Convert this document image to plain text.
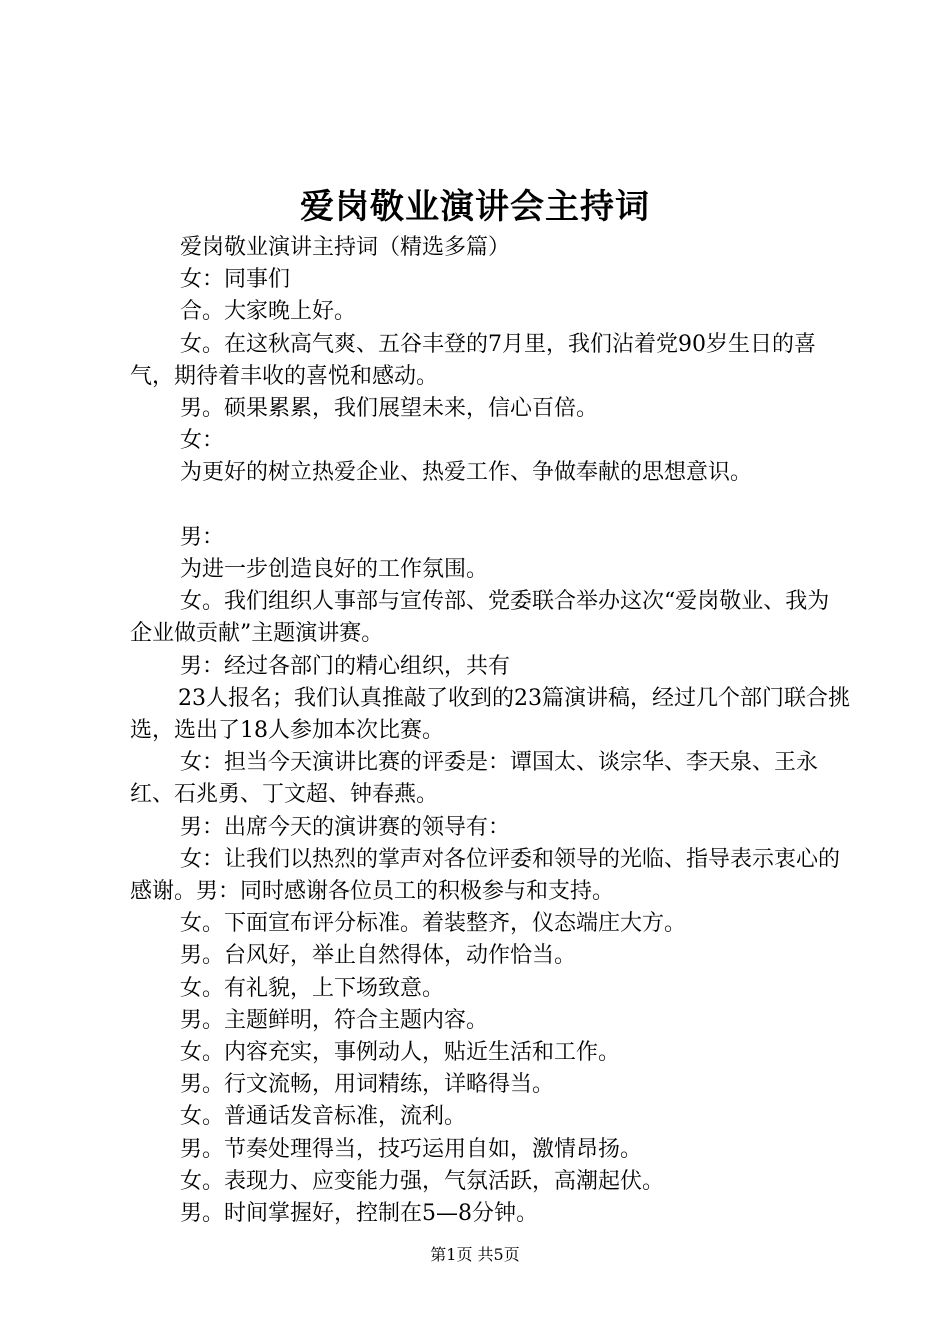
爱岗敬业演讲会主持词

爱岗敬业演讲主持词（精选多篇）

女：同事们

合。大家晚上好。

女。在这秋高气爽、五谷丰登的7月里，我们沾着党90岁生日的喜气，期待着丰收的喜悦和感动。

男。硕果累累，我们展望未来，信心百倍。

女：

为更好的树立热爱企业、热爱工作、争做奉献的思想意识。

男：

为进一步创造良好的工作氛围。

女。我们组织人事部与宣传部、党委联合举办这次“爱岗敬业、我为企业做贡献”主题演讲赛。

男：经过各部门的精心组织，共有

23人报名；我们认真推敲了收到的23篇演讲稿，经过几个部门联合挑选，选出了18人参加本次比赛。

女：担当今天演讲比赛的评委是：谭国太、谈宗华、李天泉、王永红、石兆勇、丁文超、钟春燕。

男：出席今天的演讲赛的领导有：

女：让我们以热烈的掌声对各位评委和领导的光临、指导表示衷心的感谢。男：同时感谢各位员工的积极参与和支持。

女。下面宣布评分标准。着装整齐，仪态端庄大方。

男。台风好，举止自然得体，动作恰当。

女。有礼貌，上下场致意。

男。主题鲜明，符合主题内容。

女。内容充实，事例动人，贴近生活和工作。

男。行文流畅，用词精练，详略得当。

女。普通话发音标准，流利。

男。节奏处理得当，技巧运用自如，激情昂扬。

女。表现力、应变能力强，气氛活跃，高潮起伏。

男。时间掌握好，控制在5—8分钟。

第1页 共5页
